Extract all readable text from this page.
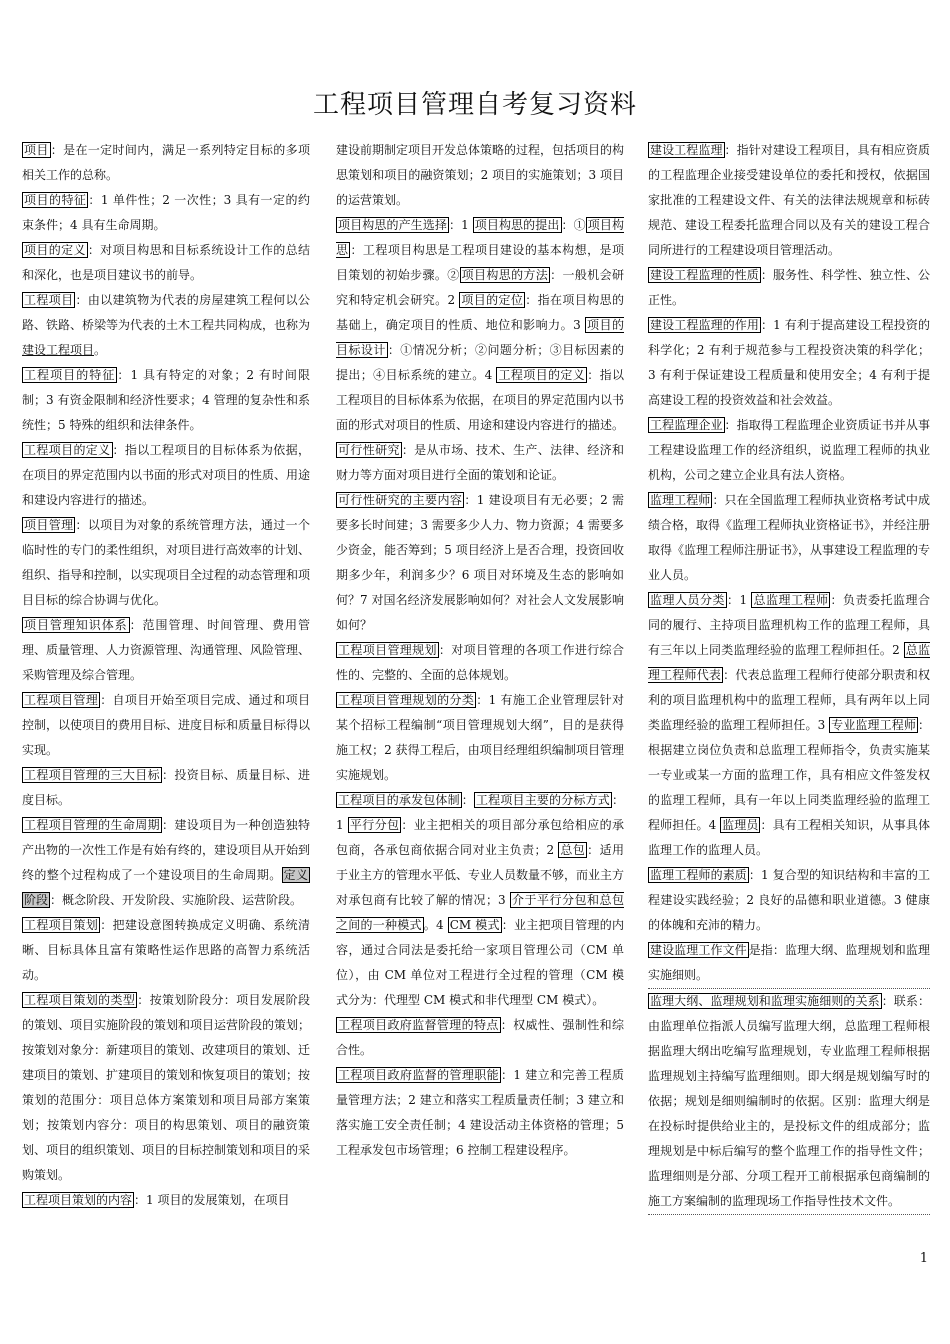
工程项目管理自考复习资料

项目 ：是在一定时间内，满足一系列特定目标的多项相关工作的总称。

项目的特征 ：1 单件性；2 一次性；3 具有一定的约束条件；4 具有生命周期。

项目的定义 ：对项目构思和目标系统设计工作的总结和深化，也是项目建议书的前导。

工程项目 ：由以建筑物为代表的房屋建筑工程何以公路、铁路、桥梁等为代表的土木工程共同构成，也称为建设工程项目。

工程项目的特征 ：1 具有特定的对象；2 有时间限制；3 有资金限制和经济性要求；4 管理的复杂性和系统性；5 特殊的组织和法律条件。

工程项目的定义 ：指以工程项目的目标体系为依据，在项目的界定范围内以书面的形式对项目的性质、用途和建设内容进行的描述。

项目管理 ：以项目为对象的系统管理方法，通过一个临时性的专门的柔性组织，对项目进行高效率的计划、组织、指导和控制，以实现项目全过程的动态管理和项目目标的综合协调与优化。

项目管理知识体系 ：范围管理、时间管理、费用管理、质量管理、人力资源管理、沟通管理、风险管理、采购管理及综合管理。

工程项目管理 ：自项目开始至项目完成、通过和项目控制，以使项目的费用目标、进度目标和质量目标得以实现。

工程项目管理的三大目标 ：投资目标、质量目标、进度目标。

工程项目管理的生命周期 ：建设项目为一种创造独特产出物的一次性工作是有始有终的，建设项目从开始到终的整个过程构成了一个建设项目的生命周期。 定义阶段 ：概念阶段、开发阶段、实施阶段、运营阶段。

工程项目策划 ：把建设意图转换成定义明确、系统清晰、目标具体且富有策略性运作思路的高智力系统活动。

工程项目策划的类型 ：按策划阶段分：项目发展阶段的策划、项目实施阶段的策划和项目运营阶段的策划；按策划对象分：新建项目的策划、改建项目的策划、迁建项目的策划、扩建项目的策划和恢复项目的策划；按策划的范围分：项目总体方案策划和项目局部方案策划；按策划内容分：项目的构思策划、项目的融资策划、项目的组织策划、项目的目标控制策划和项目的采购策划。

工程项目策划的内容 ：1 项目的发展策划，在项目

建设前期制定项目开发总体策略的过程，包括项目的构思策划和项目的融资策划；2 项目的实施策划；3 项目的运营策划。

项目构思的产生选择 ：1 项目构思的提出 ：① 项目构思 ：工程项目构思是工程项目建设的基本构想，是项目策划的初始步骤。② 项目构思的方法 ：一般机会研究和特定机会研究。2 项目的定位 ：指在项目构思的基础上，确定项目的性质、地位和影响力。3 项目的目标设计 ：①情况分析；②问题分析；③目标因素的提出；④目标系统的建立。4 工程项目的定义 ：指以工程项目的目标体系为依据，在项目的界定范围内以书面的形式对项目的性质、用途和建设内容进行的描述。

可行性研究 ：是从市场、技术、生产、法律、经济和财力等方面对项目进行全面的策划和论证。

可行性研究的主要内容 ：1 建设项目有无必要；2 需要多长时间建；3 需要多少人力、物力资源；4 需要多少资金，能否筹到；5 项目经济上是否合理，投资回收期多少年，利润多少？6 项目对环境及生态的影响如何？7 对国名经济发展影响如何？对社会人文发展影响如何？

工程项目管理规划 ：对项目管理的各项工作进行综合性的、完整的、全面的总体规划。

工程项目管理规划的分类 ：1 有施工企业管理层针对某个招标工程编制“项目管理规划大纲”，目的是获得施工权；2 获得工程后，由项目经理组织编制项目管理实施规划。

工程项目的承发包体制 ： 工程项目主要的分标方式 ：1 平行分包 ：业主把相关的项目部分承包给相应的承包商，各承包商依据合同对业主负责；2 总包 ：适用于业主方的管理水平低、专业人员数量不够，而业主方对承包商有比较了解的情况；3 介于平行分包和总包之间的一种模式 。4 CM 模式 ：业主把项目管理的内容，通过合同法是委托给一家项目管理公司（CM 单位），由 CM 单位对工程进行全过程的管理（CM 模式分为：代理型 CM 模式和非代理型 CM 模式）。

工程项目政府监督管理的特点 ：权威性、强制性和综合性。

工程项目政府监督的管理职能 ：1 建立和完善工程质量管理方法；2 建立和落实工程质量责任制；3 建立和落实施工安全责任制；4 建设活动主体资格的管理；5 工程承发包市场管理；6 控制工程建设程序。

建设工程监理 ：指针对建设工程项目，具有相应资质的工程监理企业接受建设单位的委托和授权，依据国家批准的工程建设文件、有关的法律法规规章和标砖规范、建设工程委托监理合同以及有关的建设工程合同所进行的工程建设项目管理活动。

建设工程监理的性质 ：服务性、科学性、独立性、公正性。

建设工程监理的作用 ：1 有利于提高建设工程投资的科学化；2 有利于规范参与工程投资决策的科学化；3 有利于保证建设工程质量和使用安全；4 有利于提高建设工程的投资效益和社会效益。

工程监理企业 ：指取得工程监理企业资质证书并从事工程建设监理工作的经济组织，说监理工程师的执业机构，公司之建立企业具有法人资格。

监理工程师 ：只在全国监理工程师执业资格考试中成绩合格，取得《监理工程师执业资格证书》，并经注册取得《监理工程师注册证书》，从事建设工程监理的专业人员。

监理人员分类 ：1 总监理工程师 ：负责委托监理合同的履行、主持项目监理机构工作的监理工程师，具有三年以上同类监理经验的监理工程师担任。2 总监理工程师代表 ：代表总监理工程师行使部分职责和权利的项目监理机构中的监理工程师，具有两年以上同类监理经验的监理工程师担任。3 专业监理工程师 ：根据建立岗位负责和总监理工程师指令，负责实施某一专业或某一方面的监理工作，具有相应文件签发权的监理工程师，具有一年以上同类监理经验的监理工程师担任。4 监理员 ：具有工程相关知识，从事具体监理工作的监理人员。

监理工程师的素质 ：1 复合型的知识结构和丰富的工程建设实践经验；2 良好的品德和职业道德。3 健康的体魄和充沛的精力。

建设监理工作文件 是指：监理大纲、监理规划和监理实施细则。

监理大纲、监理规划和监理实施细则的关系 ：联系：由监理单位指派人员编写监理大纲，总监理工程师根据监理大纲出吃编写监理规划，专业监理工程师根据监理规划主持编写监理细则。即大纲是规划编写时的依据；规划是细则编制时的依据。区别：监理大纲是在投标时提供给业主的，是投标文件的组成部分；监理规划是中标后编写的整个监理工作的指导性文件；监理细则是分部、分项工程开工前根据承包商编制的施工方案编制的监理现场工作指导性技术文件。

1
